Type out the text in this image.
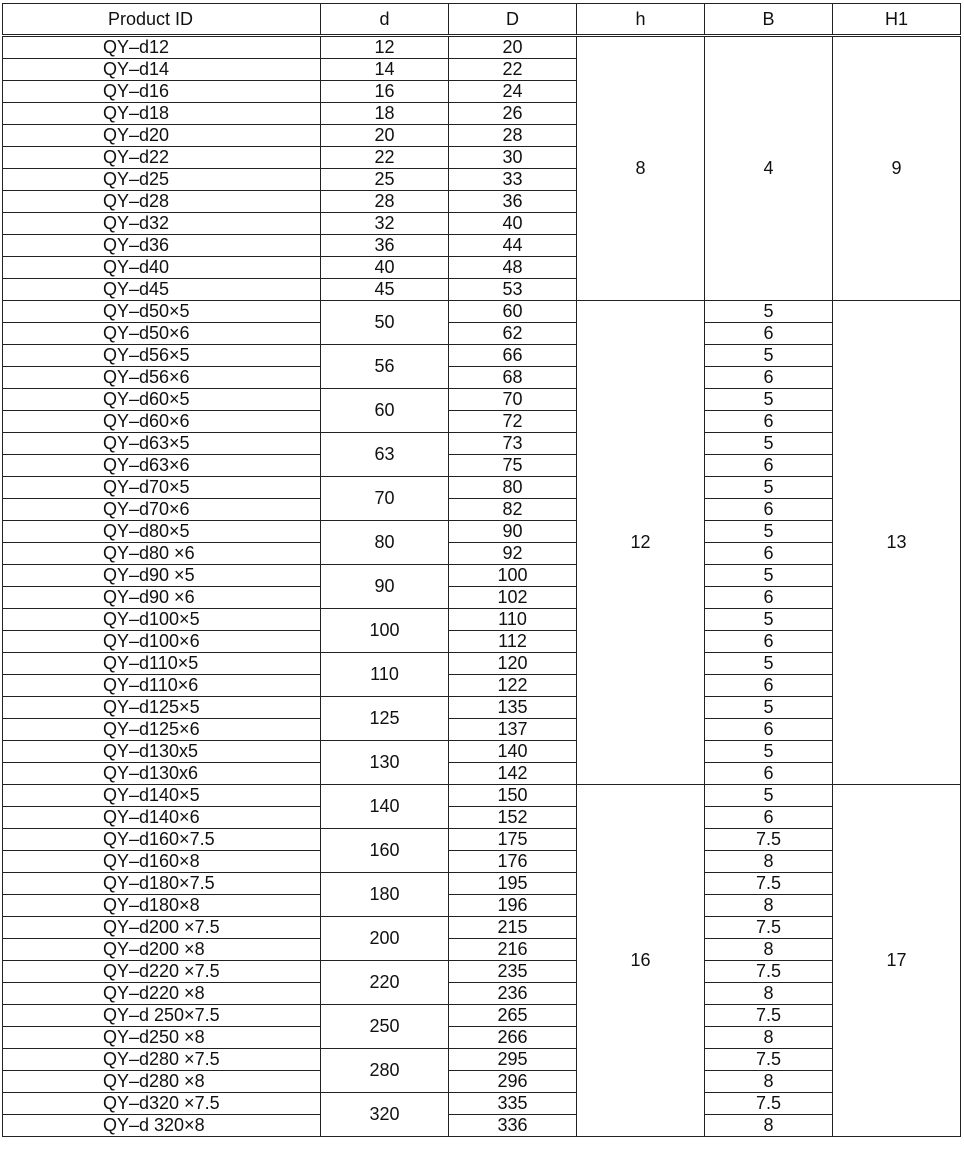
Product ID	d	D	h	B	H1
QY–d12	12	20	8	4	9
QY–d14	14	22			
QY–d16	16	24			
QY–d18	18	26			
QY–d20	20	28			
QY–d22	22	30			
QY–d25	25	33			
QY–d28	28	36			
QY–d32	32	40			
QY–d36	36	44			
QY–d40	40	48			
QY–d45	45	53			
QY–d50×5	50	60	12	5	13
QY–d50×6		62		6	
QY–d56×5	56	66		5	
QY–d56×6		68		6	
QY–d60×5	60	70		5	
QY–d60×6		72		6	
QY–d63×5	63	73		5	
QY–d63×6		75		6	
QY–d70×5	70	80		5	
QY–d70×6		82		6	
QY–d80×5	80	90		5	
QY–d80 ×6		92		6	
QY–d90 ×5	90	100		5	
QY–d90 ×6		102		6	
QY–d100×5	100	110		5	
QY–d100×6		112		6	
QY–d110×5	110	120		5	
QY–d110×6		122		6	
QY–d125×5	125	135		5	
QY–d125×6		137		6	
QY–d130x5	130	140		5	
QY–d130x6		142		6	
QY–d140×5	140	150	16	5	17
QY–d140×6		152		6	
QY–d160×7.5	160	175		7.5	
QY–d160×8		176		8	
QY–d180×7.5	180	195		7.5	
QY–d180×8		196		8	
QY–d200 ×7.5	200	215		7.5	
QY–d200 ×8		216		8	
QY–d220 ×7.5	220	235		7.5	
QY–d220 ×8		236		8	
QY–d 250×7.5	250	265		7.5	
QY–d250 ×8		266		8	
QY–d280 ×7.5	280	295		7.5	
QY–d280 ×8		296		8	
QY–d320 ×7.5	320	335		7.5	
QY–d 320×8		336		8	
